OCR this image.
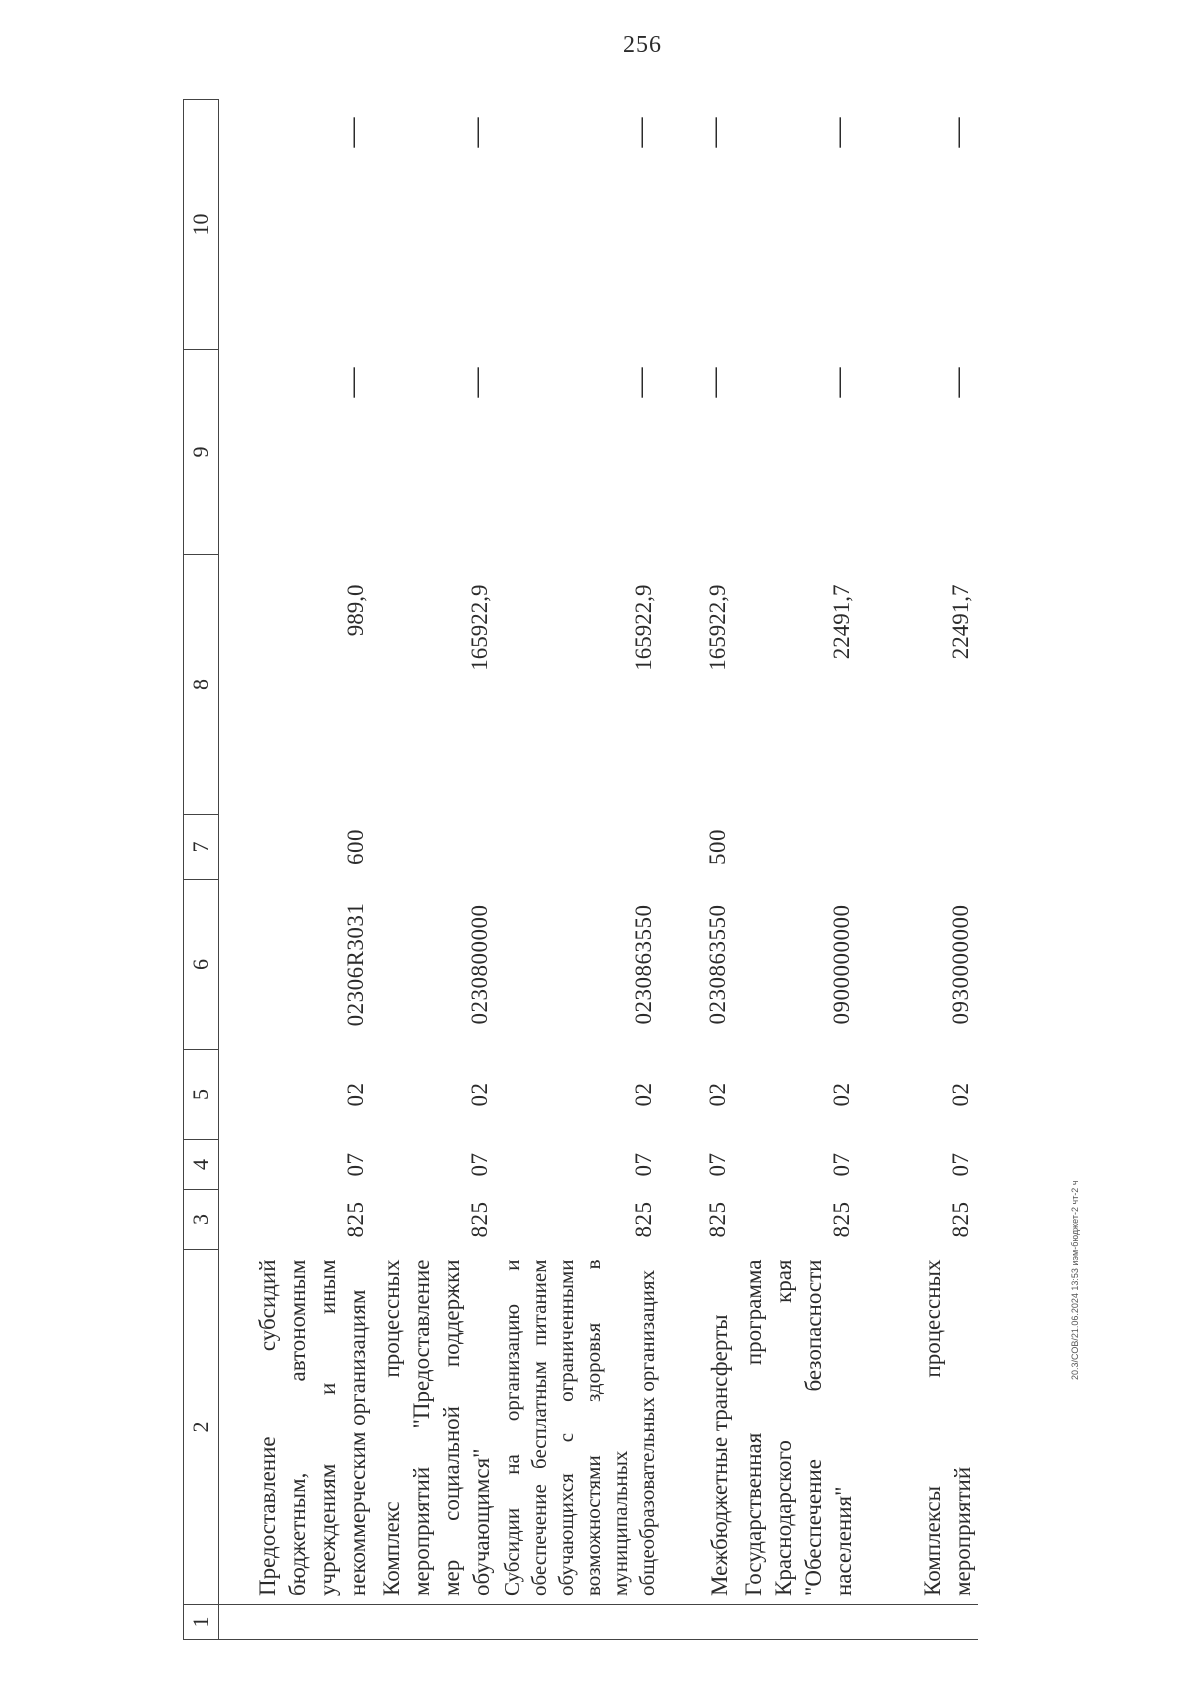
256
20.3/СОВ/21.06.2024 13:53 иэм-бюджет-2 чт-2 ч
1	2	3	4	5	6	7	8	9	10
	Предоставление субсидий бюджетным, автономным учреждениям и иным некоммерческим организациям	825	07	02	02306R3031	600	989,0	—	—
	Комплекс процессных мероприятий "Предоставление мер социальной поддержки обучающимся"	825	07	02	0230800000		165922,9	—	—
	Субсидии на организацию и обеспечение бесплатным питанием обучающихся с ограниченными возможностями здоровья в муниципальных общеобразовательных организациях	825	07	02	0230863550		165922,9	—	—
	Межбюджетные трансферты	825	07	02	0230863550	500	165922,9	—	—
	Государственная программа Краснодарского края "Обеспечение безопасности населения"	825	07	02	0900000000		22491,7	—	—
	Комплексы процессных мероприятий	825	07	02	0930000000		22491,7	—	—
